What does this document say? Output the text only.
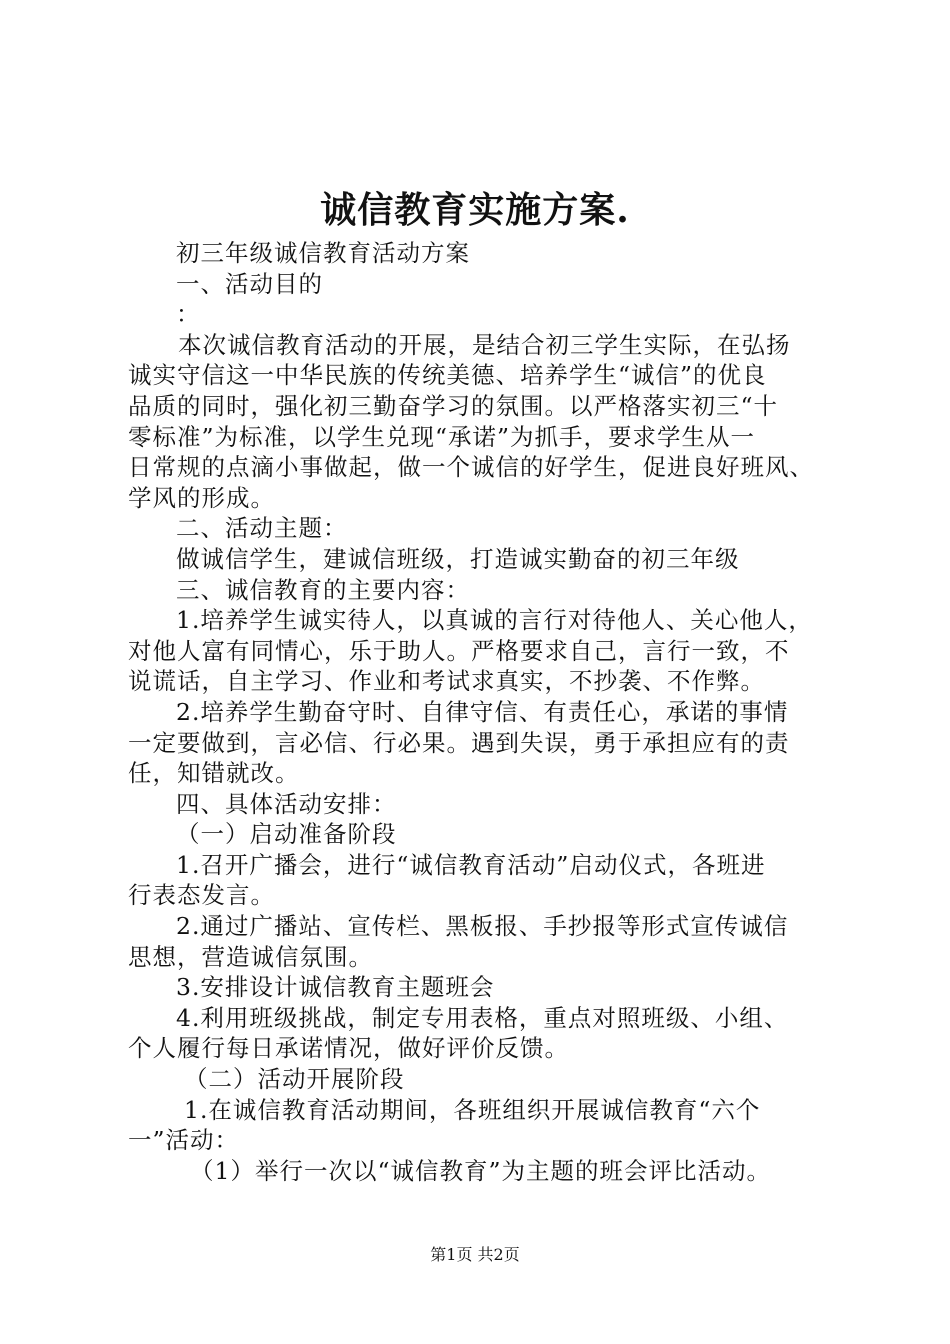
诚信教育实施方案.
初三年级诚信教育活动方案
一、活动目的
：
本次诚信教育活动的开展，是结合初三学生实际，在弘扬
诚实守信这一中华民族的传统美德、培养学生“诚信”的优良
品质的同时，强化初三勤奋学习的氛围。以严格落实初三“十
零标准”为标准，以学生兑现“承诺”为抓手，要求学生从一
日常规的点滴小事做起，做一个诚信的好学生，促进良好班风、
学风的形成。
二、活动主题：
做诚信学生，建诚信班级，打造诚实勤奋的初三年级
三、诚信教育的主要内容：
1.培养学生诚实待人，以真诚的言行对待他人、关心他人，
对他人富有同情心，乐于助人。严格要求自己，言行一致，不
说谎话，自主学习、作业和考试求真实，不抄袭、不作弊。
2.培养学生勤奋守时、自律守信、有责任心，承诺的事情
一定要做到，言必信、行必果。遇到失误，勇于承担应有的责
任，知错就改。
四、具体活动安排：
（一）启动准备阶段
1.召开广播会，进行“诚信教育活动”启动仪式，各班进
行表态发言。
2.通过广播站、宣传栏、黑板报、手抄报等形式宣传诚信
思想，营造诚信氛围。
3.安排设计诚信教育主题班会
4.利用班级挑战，制定专用表格，重点对照班级、小组、
个人履行每日承诺情况，做好评价反馈。
（二）活动开展阶段
1.在诚信教育活动期间，各班组织开展诚信教育“六个
一”活动：
（1）举行一次以“诚信教育”为主题的班会评比活动。
第1页 共2页
